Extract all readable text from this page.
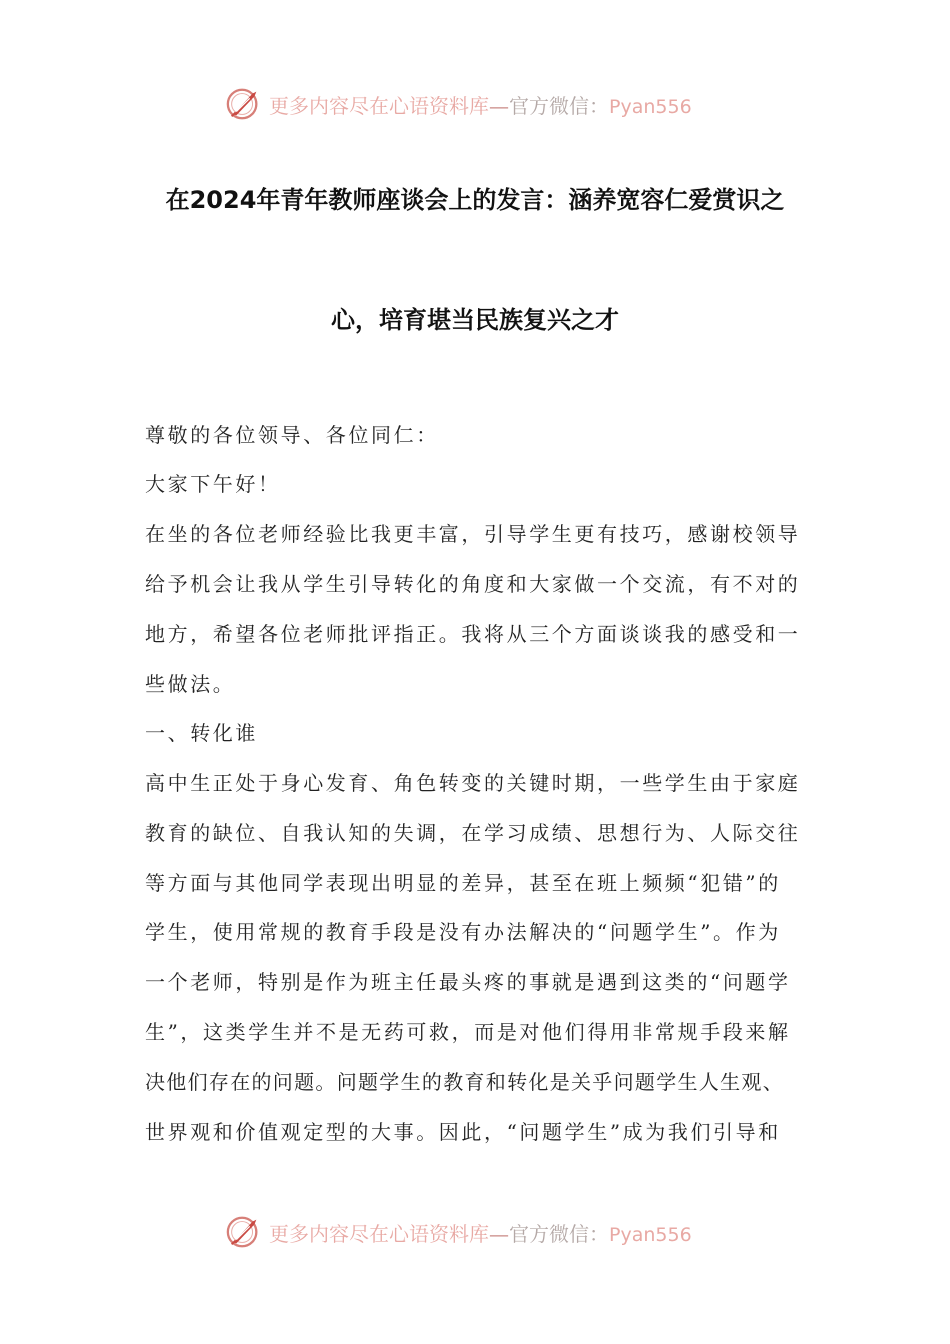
更多内容尽在心语资料库—官方微信：Pyan556
在2024年青年教师座谈会上的发言：涵养宽容仁爱赏识之
心，培育堪当民族复兴之才
尊敬的各位领导、各位同仁：
大家下午好！
在坐的各位老师经验比我更丰富，引导学生更有技巧，感谢校领导
给予机会让我从学生引导转化的角度和大家做一个交流，有不对的
地方，希望各位老师批评指正。我将从三个方面谈谈我的感受和一
些做法。
一、转化谁
高中生正处于身心发育、角色转变的关键时期，一些学生由于家庭
教育的缺位、自我认知的失调，在学习成绩、思想行为、人际交往
等方面与其他同学表现出明显的差异，甚至在班上频频“犯错”的
学生，使用常规的教育手段是没有办法解决的“问题学生”。作为
一个老师，特别是作为班主任最头疼的事就是遇到这类的“问题学
生”，这类学生并不是无药可救，而是对他们得用非常规手段来解
决他们存在的问题。问题学生的教育和转化是关乎问题学生人生观、
世界观和价值观定型的大事。因此，“问题学生”成为我们引导和
更多内容尽在心语资料库—官方微信：Pyan556
